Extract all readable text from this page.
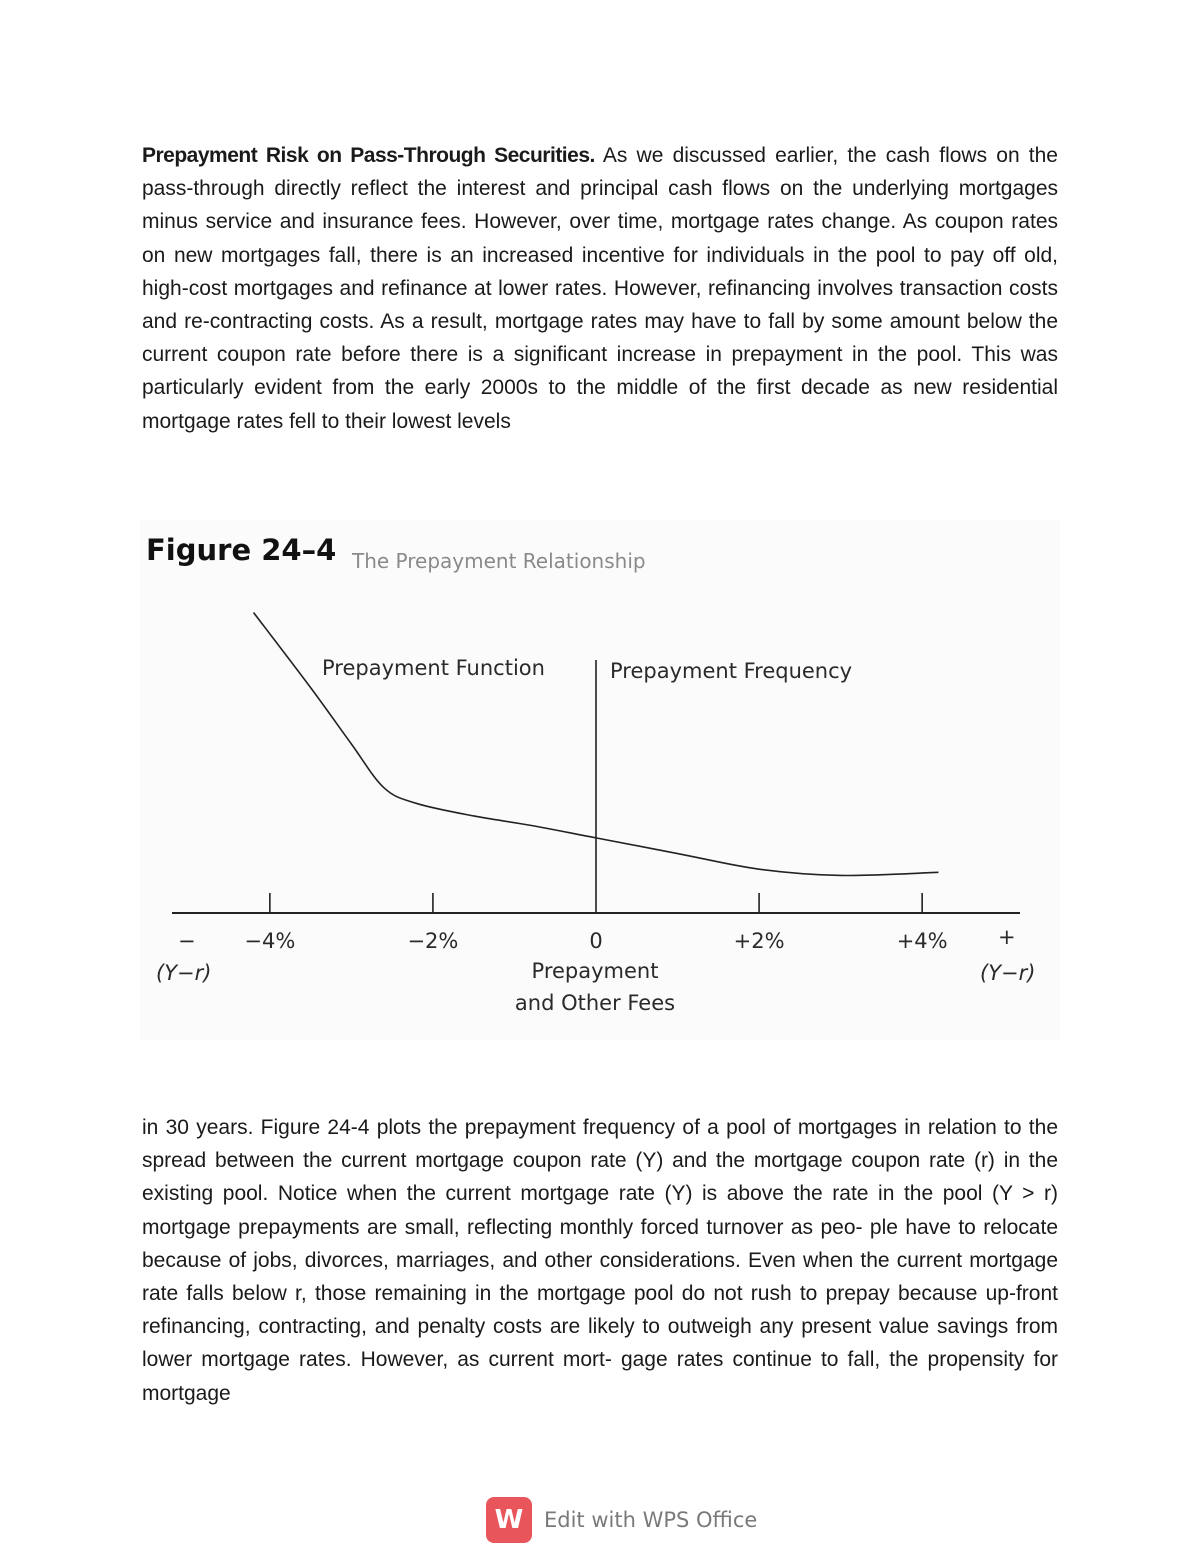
Prepayment Risk on Pass-Through Securities. As we discussed earlier, the cash flows on the pass-through directly reflect the interest and principal cash flows on the underlying mortgages minus service and insurance fees. However, over time, mortgage rates change. As coupon rates on new mortgages fall, there is an increased incentive for individuals in the pool to pay off old, high-cost mortgages and refinance at lower rates. However, refinancing involves transaction costs and re-contracting costs. As a result, mortgage rates may have to fall by some amount below the current coupon rate before there is a significant increase in prepayment in the pool. This was particularly evident from the early 2000s to the middle of the first decade as new residential mortgage rates fell to their lowest levels

Figure 24–4 The Prepayment Relationship
−4%	−2%	0	+2%	+4%
Prepayment Function	Prepayment Frequency
−	+
(Y−r)	(Y−r)
Prepayment
and Other Fees

in 30 years. Figure 24-4 plots the prepayment frequency of a pool of mortgages in relation to the spread between the current mortgage coupon rate (Y) and the mortgage coupon rate (r) in the existing pool. Notice when the current mortgage rate (Y) is above the rate in the pool (Y > r) mortgage prepayments are small, reflecting monthly forced turnover as peo- ple have to relocate because of jobs, divorces, marriages, and other considerations. Even when the current mortgage rate falls below r, those remaining in the mortgage pool do not rush to prepay because up-front refinancing, contracting, and penalty costs are likely to outweigh any present value savings from lower mortgage rates. However, as current mort- gage rates continue to fall, the propensity for mortgage

W Edit with WPS Office
